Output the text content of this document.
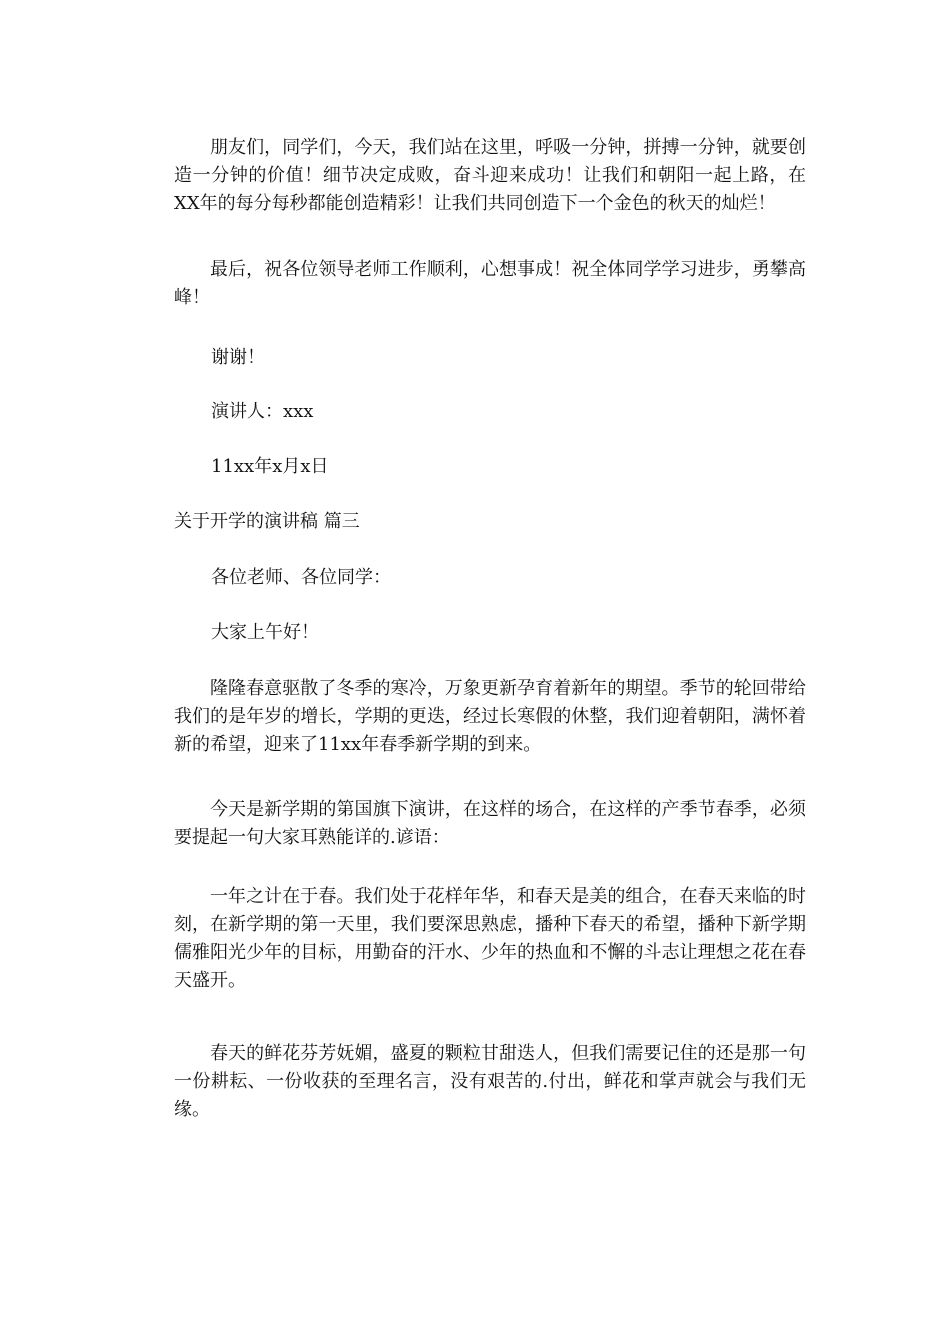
朋友们，同学们，今天，我们站在这里，呼吸一分钟，拼搏一分钟，就要创造一分钟的价值！细节决定成败，奋斗迎来成功！让我们和朝阳一起上路，在XX年的每分每秒都能创造精彩！让我们共同创造下一个金色的秋天的灿烂！

最后，祝各位领导老师工作顺利，心想事成！祝全体同学学习进步，勇攀高峰！

谢谢！

演讲人：xxx

11xx年x月x日

关于开学的演讲稿 篇三

各位老师、各位同学：

大家上午好！

隆隆春意驱散了冬季的寒冷，万象更新孕育着新年的期望。季节的轮回带给我们的是年岁的增长，学期的更迭，经过长寒假的休整，我们迎着朝阳，满怀着新的希望，迎来了11xx年春季新学期的到来。

今天是新学期的第国旗下演讲，在这样的场合，在这样的产季节春季，必须要提起一句大家耳熟能详的.谚语：

一年之计在于春。我们处于花样年华，和春天是美的组合，在春天来临的时刻，在新学期的第一天里，我们要深思熟虑，播种下春天的希望，播种下新学期儒雅阳光少年的目标，用勤奋的汗水、少年的热血和不懈的斗志让理想之花在春天盛开。

春天的鲜花芬芳妩媚，盛夏的颗粒甘甜迭人，但我们需要记住的还是那一句一份耕耘、一份收获的至理名言，没有艰苦的.付出，鲜花和掌声就会与我们无缘。
